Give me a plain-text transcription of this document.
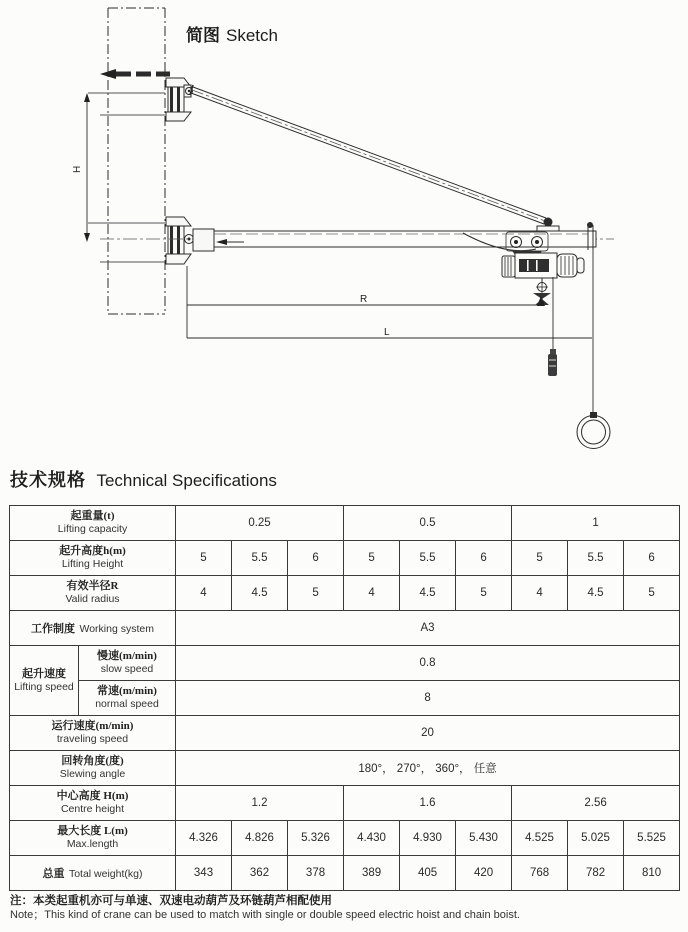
H
R
L
简图 Sketch
技术规格 Technical Specifications
起重量(t)
Lifting capacity		0.25			0.5			1		

起升高度h(m)
Lifting Height		5	5.5	6	5	5.5	6	5	5.5	6

有效半径R
Valid radius		4	4.5	5	4	4.5	5	4	4.5	5
工作制度 Working system		A3								

起升速度
Lifting speed	慢速(m/min)
slow speed	0.8								

	常速(m/min)
normal speed	8								

运行速度(m/min)
traveling speed		20								

回转角度(度)
Slewing angle		180°， 270°， 360°， 任意								

中心高度 H(m)
Centre height		1.2			1.6			2.56		

最大长度 L(m)
Max.length		4.326	4.826	5.326	4.430	4.930	5.430	4.525	5.025	5.525
总重 Total weight(kg)		343	362	378	389	405	420	768	782	810
注：本类起重机亦可与单速、双速电动葫芦及环链葫芦相配使用
Note；This kind of crane can be used to match with single or double speed electric hoist and chain boist.
